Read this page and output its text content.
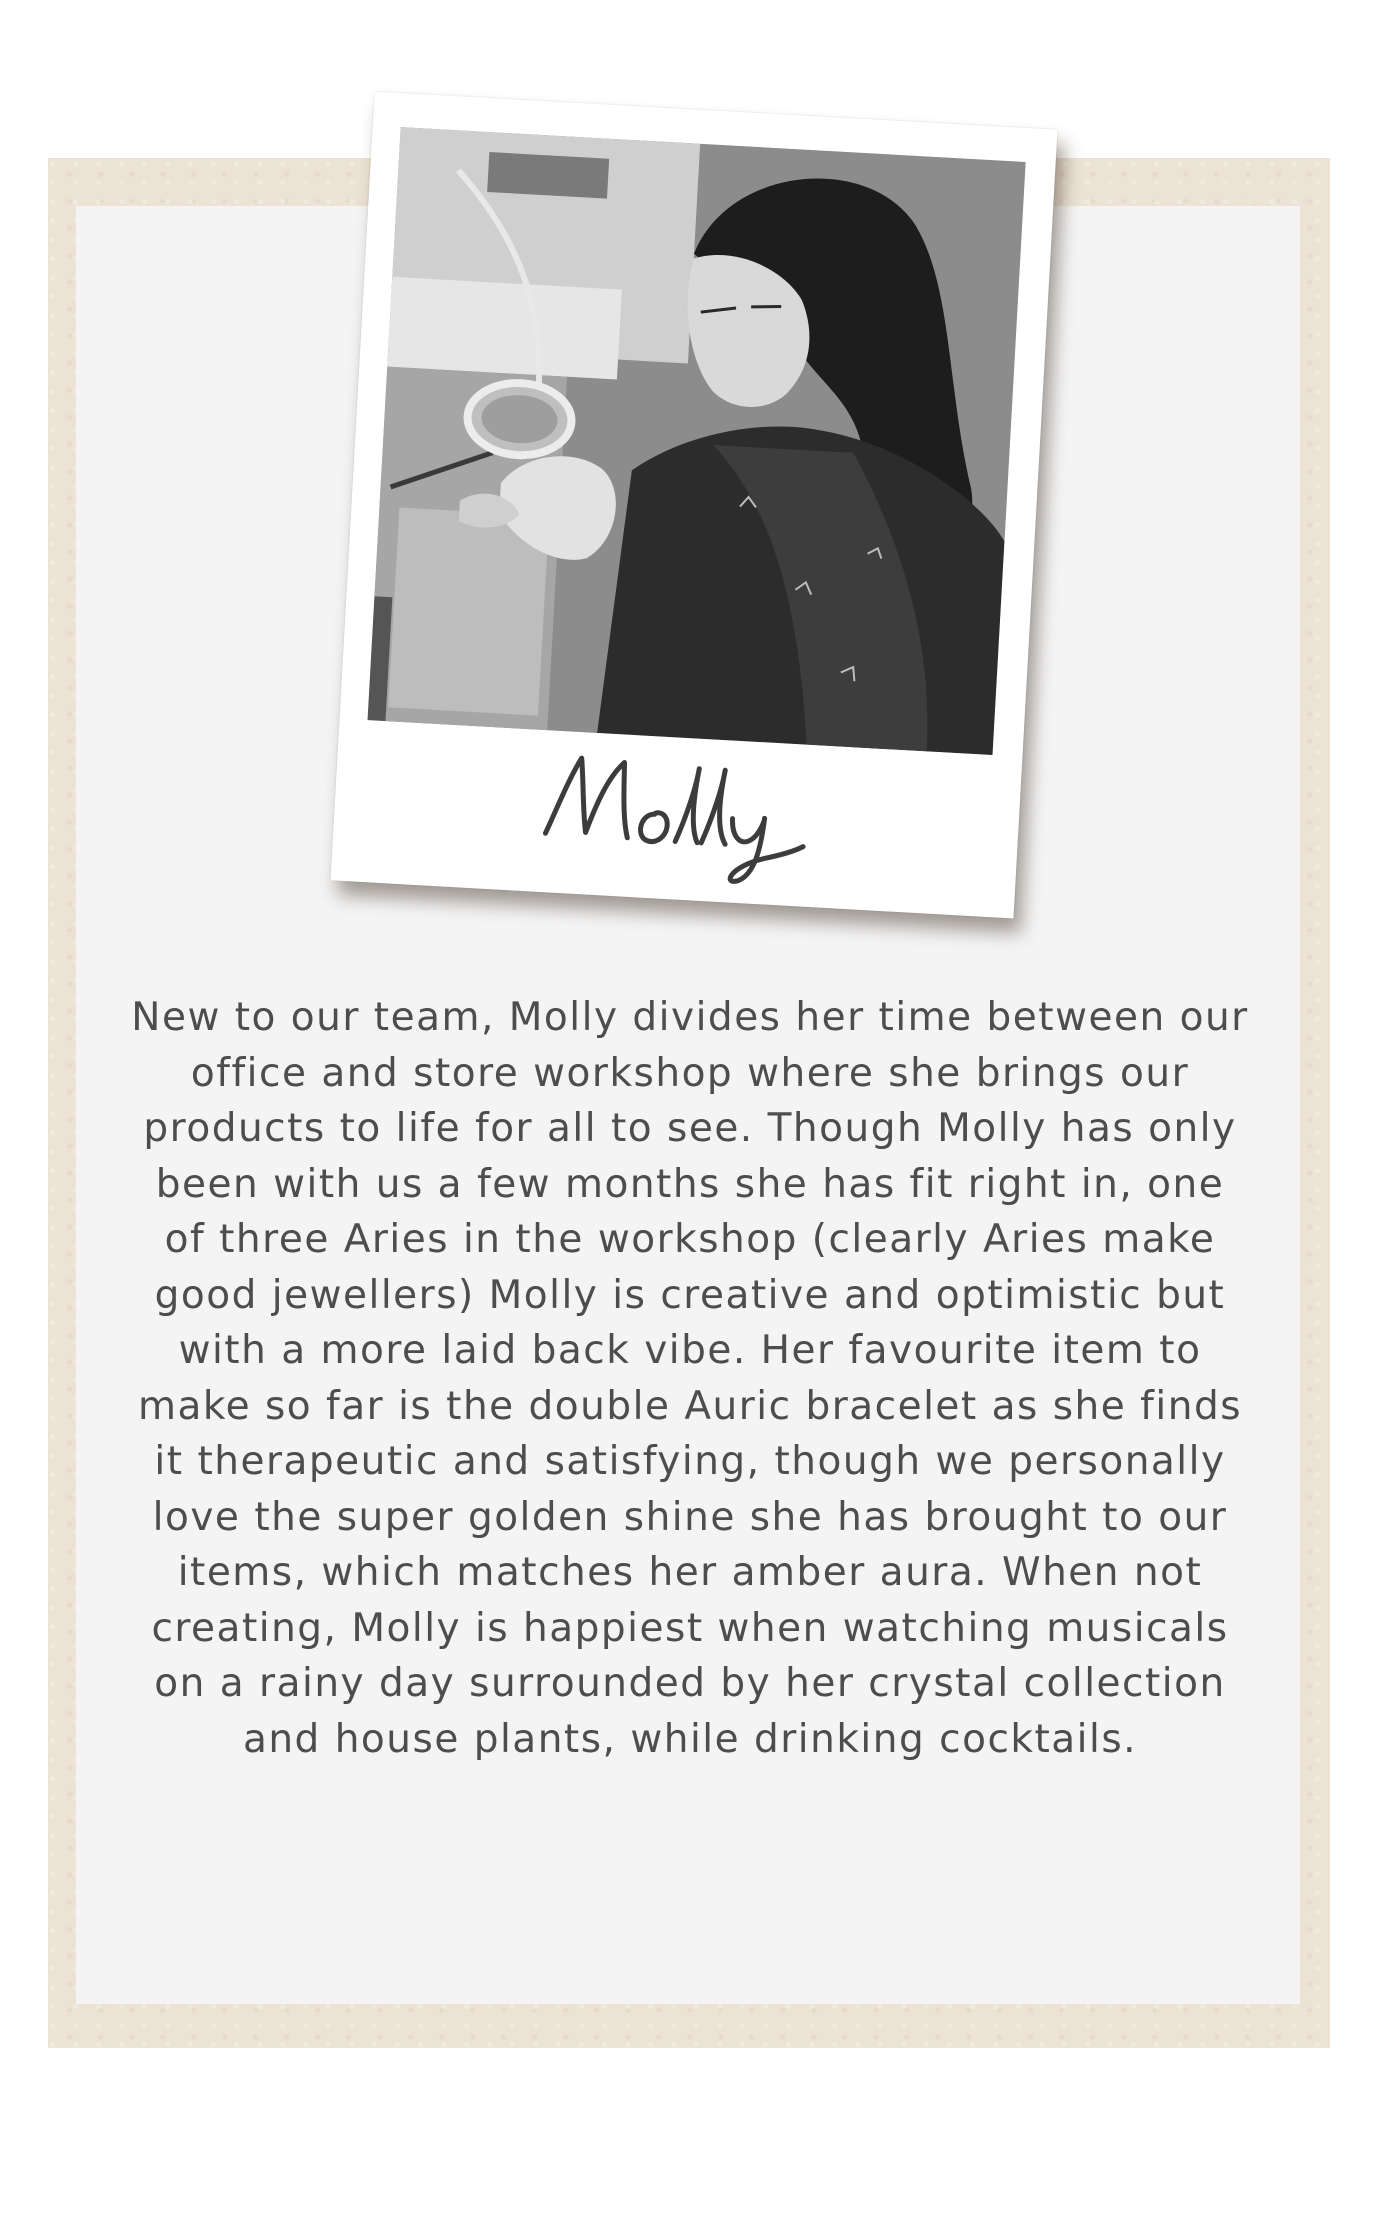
New to our team, Molly divides her time between our office and store workshop where she brings our products to life for all to see. Though Molly has only been with us a few months she has fit right in, one of three Aries in the workshop (clearly Aries make good jewellers) Molly is creative and optimistic but with a more laid back vibe. Her favourite item to make so far is the double Auric bracelet as she finds it therapeutic and satisfying, though we personally love the super golden shine she has brought to our items, which matches her amber aura. When not creating, Molly is happiest when watching musicals on a rainy day surrounded by her crystal collection and house plants, while drinking cocktails.
